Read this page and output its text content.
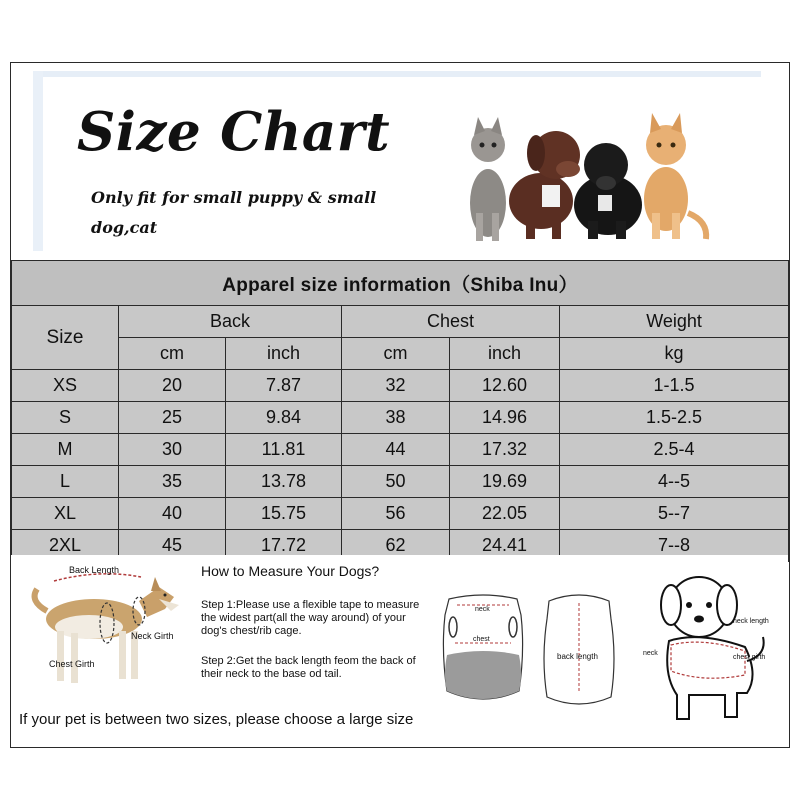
Size Chart
Only fit for small puppy & small dog,cat
Apparel size information（Shiba Inu）					
Size	Back		Chest		Weight
	cm	inch	cm	inch	kg
XS	20	7.87	32	12.60	1-1.5
S	25	9.84	38	14.96	1.5-2.5
M	30	11.81	44	17.32	2.5-4
L	35	13.78	50	19.69	4--5
XL	40	15.75	56	22.05	5--7
2XL	45	17.72	62	24.41	7--8
Back Length
Neck Girth
Chest Girth
How to Measure Your Dogs?
Step 1:Please use a flexible tape to measure the widest part(all the way around) of your dog's chest/rib cage.
Step 2:Get the back length feom the back of their neck to the base od tail.
neck
chest
back length
neck length
chest girth
neck
If your pet is between two sizes, please choose a large size
